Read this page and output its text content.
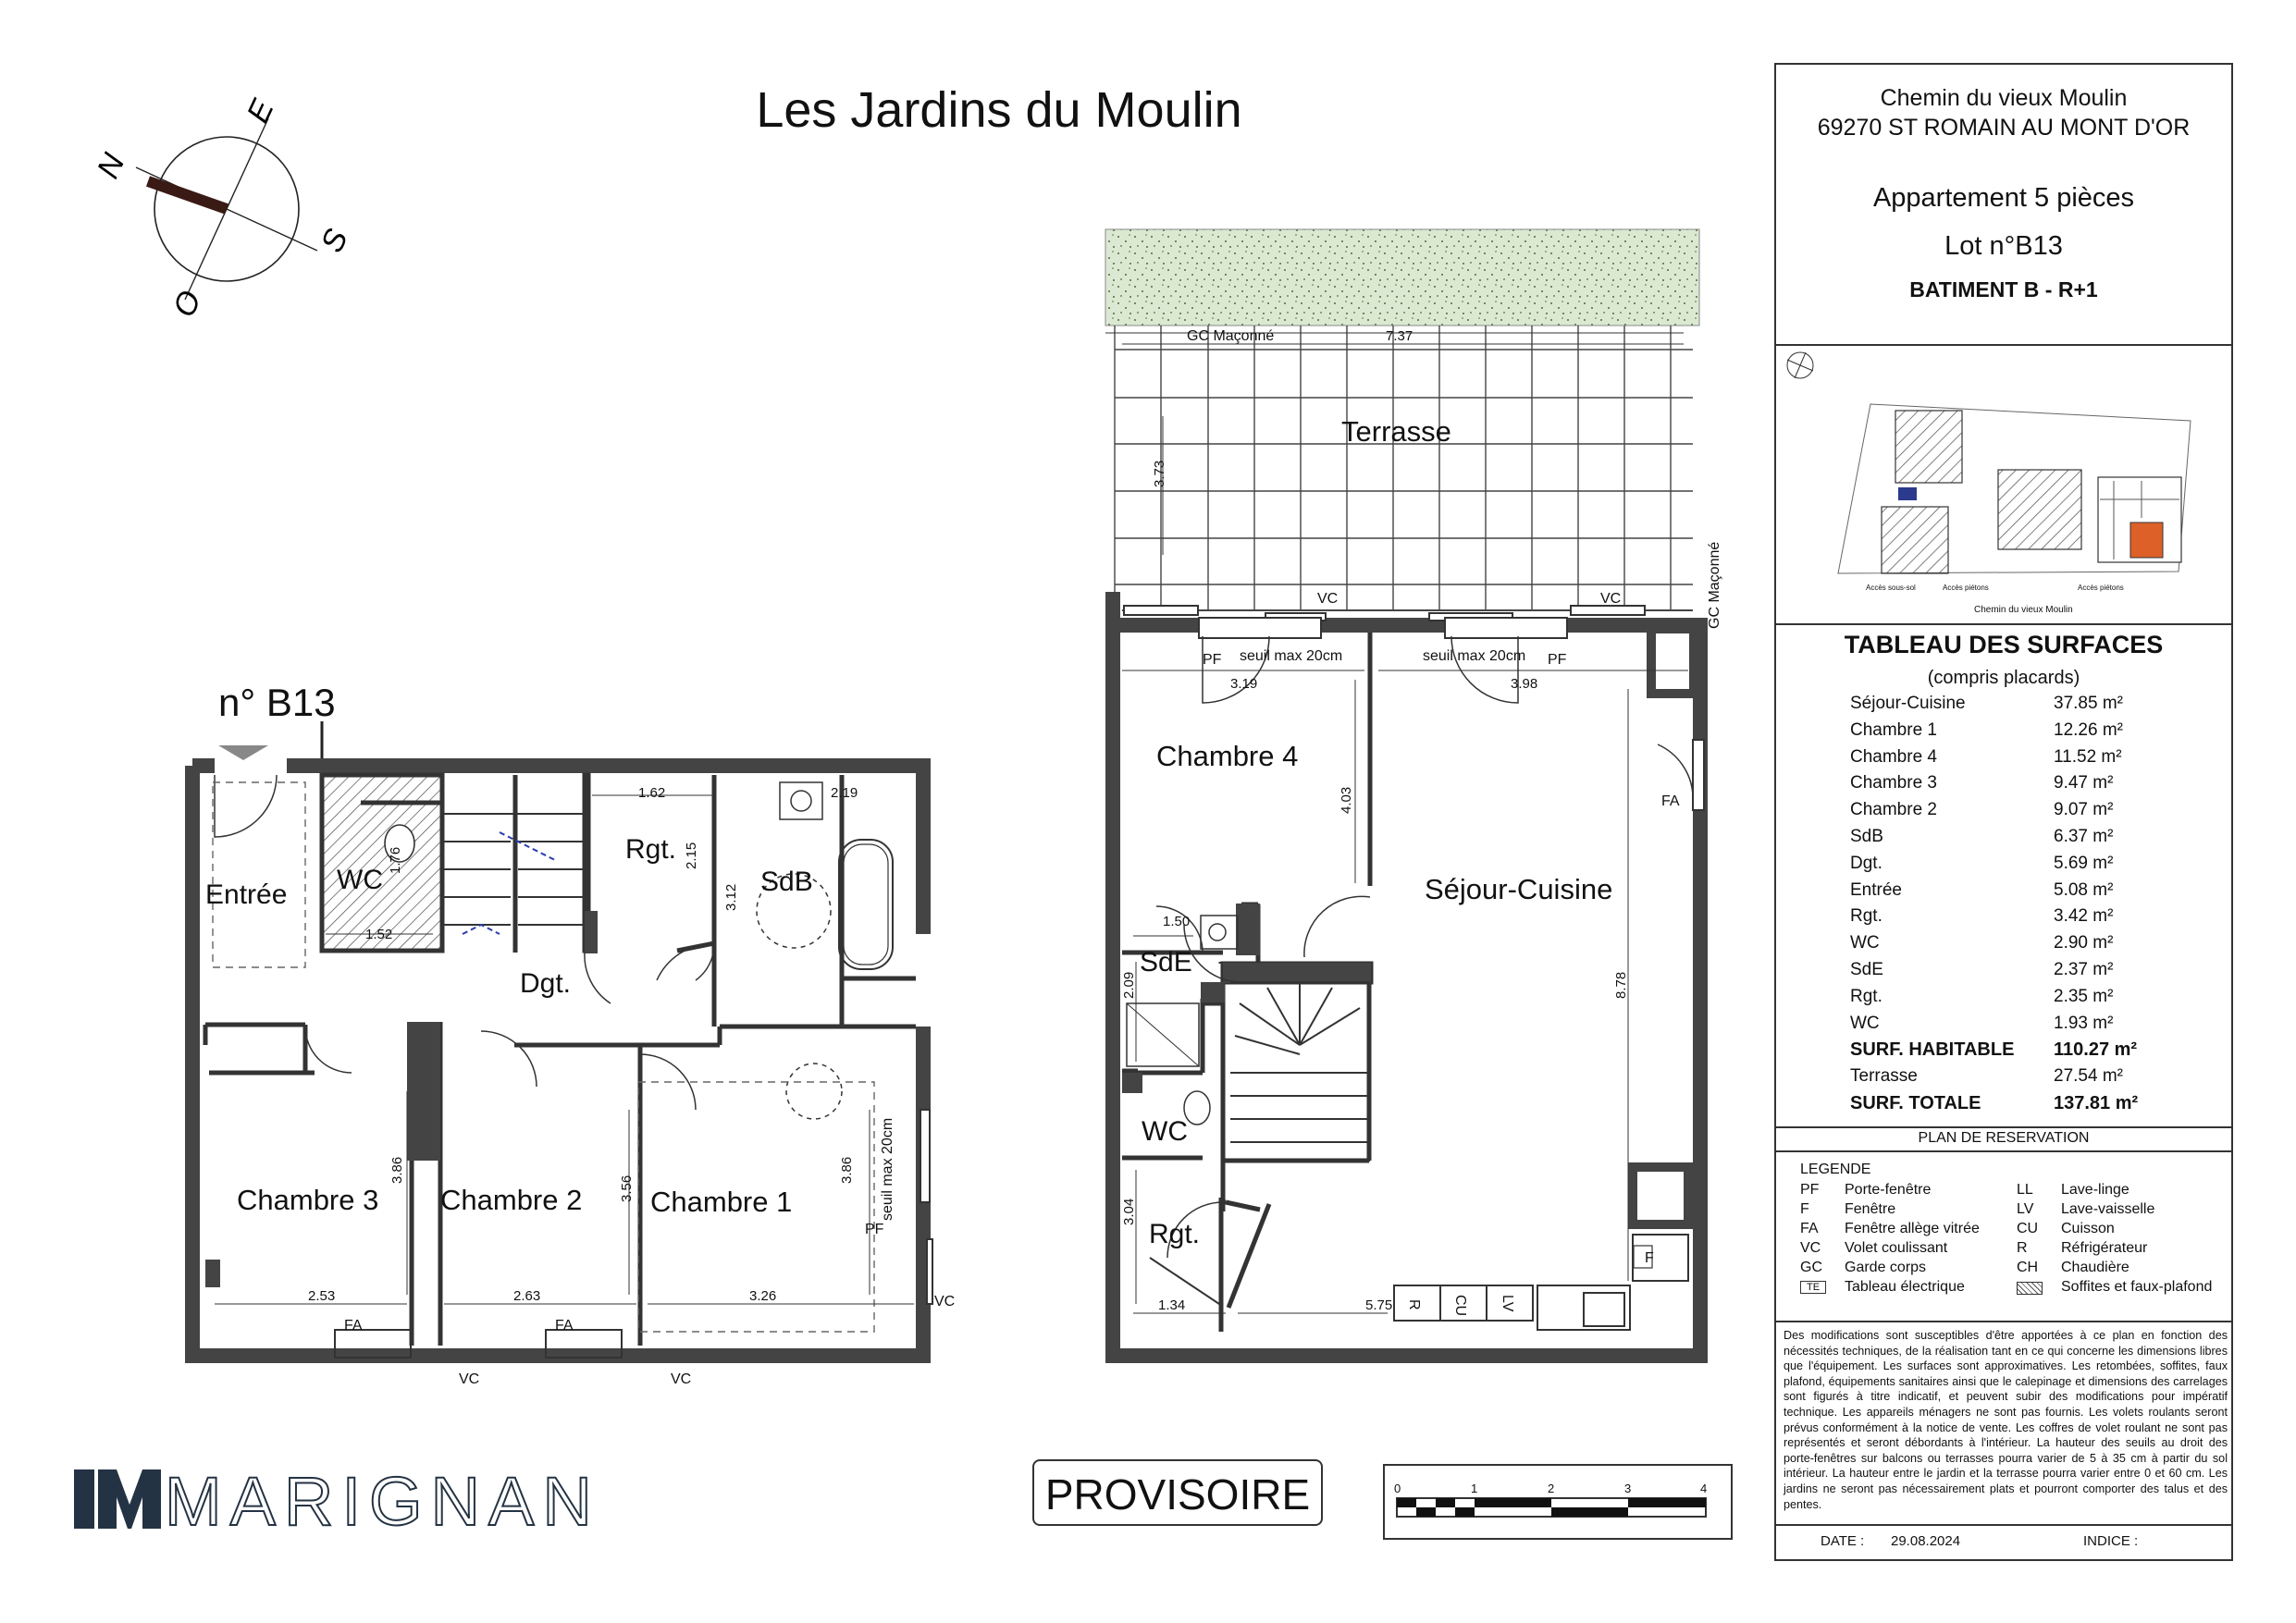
N
E
S
O
Entrée WC
Rgt.
SdB
Dgt.
Chambre 3 Chambre 2 Chambre 1
1.62	2.19
1.76
1.52
2.15
3.12
3.86
3.56
3.86
2.53	2.63	3.26
FA	FA
VC	VC
VC
PF
seuil max 20cm
Terrasse
Chambre 4
Séjour-Cuisine
SdE
WC
Rgt.
7.37
3.73
3.19	3.98
4.03
1.50
2.09	8.78
3.04
1.34	5.75
GC Maçonné
GC Maçonné
VC	VC
PF	PF
seuil max 20cm	seuil max 20cm
FA
F
R CU LV
Accès sous-sol	Accès piétons	Accès piétons
Chemin du vieux Moulin
0	1	2	3	4
Les Jardins du Moulin
n° B13
Chemin du vieux Moulin
69270 ST ROMAIN AU MONT D'OR
Appartement 5 pièces
Lot n°B13
BATIMENT B - R+1
TABLEAU DES SURFACES
(compris placards)
Séjour-Cuisine	37.85 m²
Chambre 1	12.26 m²
Chambre 4	11.52 m²
Chambre 3	9.47 m²
Chambre 2	9.07 m²
SdB	6.37 m²
Dgt.	5.69 m²
Entrée	5.08 m²
Rgt.	3.42 m²
WC	2.90 m²
SdE	2.37 m²
Rgt.	2.35 m²
WC	1.93 m²
SURF. HABITABLE 110.27 m²
Terrasse	27.54 m²
SURF. TOTALE	137.81 m²
PLAN DE RESERVATION
LEGENDE
PF Porte-fenêtre
F Fenêtre
FA Fenêtre allège vitrée
VC Volet coulissant
GC Garde corps
TE	Tableau électrique
LL Lave-linge
LV Lave-vaisselle
CU Cuisson
R Réfrigérateur
CH Chaudière
Soffites et faux-plafond
Des modifications sont susceptibles d'être apportées à ce plan en fonction des nécessités techniques, de la réalisation tant en ce qui concerne les dimensions libres que l'équipement. Les surfaces sont approximatives. Les retombées, soffites, faux plafond, équipements sanitaires ainsi que le calepinage et dimensions des carrelages sont figurés à titre indicatif, et peuvent subir des modifications pour impératif technique. Les appareils ménagers ne sont pas fournis. Les volets roulants seront prévus conformément à la notice de vente. Les coffres de volet roulant ne sont pas représentés et seront débordants à l'intérieur. La hauteur des seuils au droit des porte-fenêtres sur balcons ou terrasses pourra varier de 5 à 35 cm à partir du sol intérieur. La hauteur entre le jardin et la terrasse pourra varier entre 0 et 60 cm. Les jardins ne seront pas nécessairement plats et pourront comporter des talus et des pentes.
DATE : 29.08.2024	INDICE :
PROVISOIRE
MARIGNAN
